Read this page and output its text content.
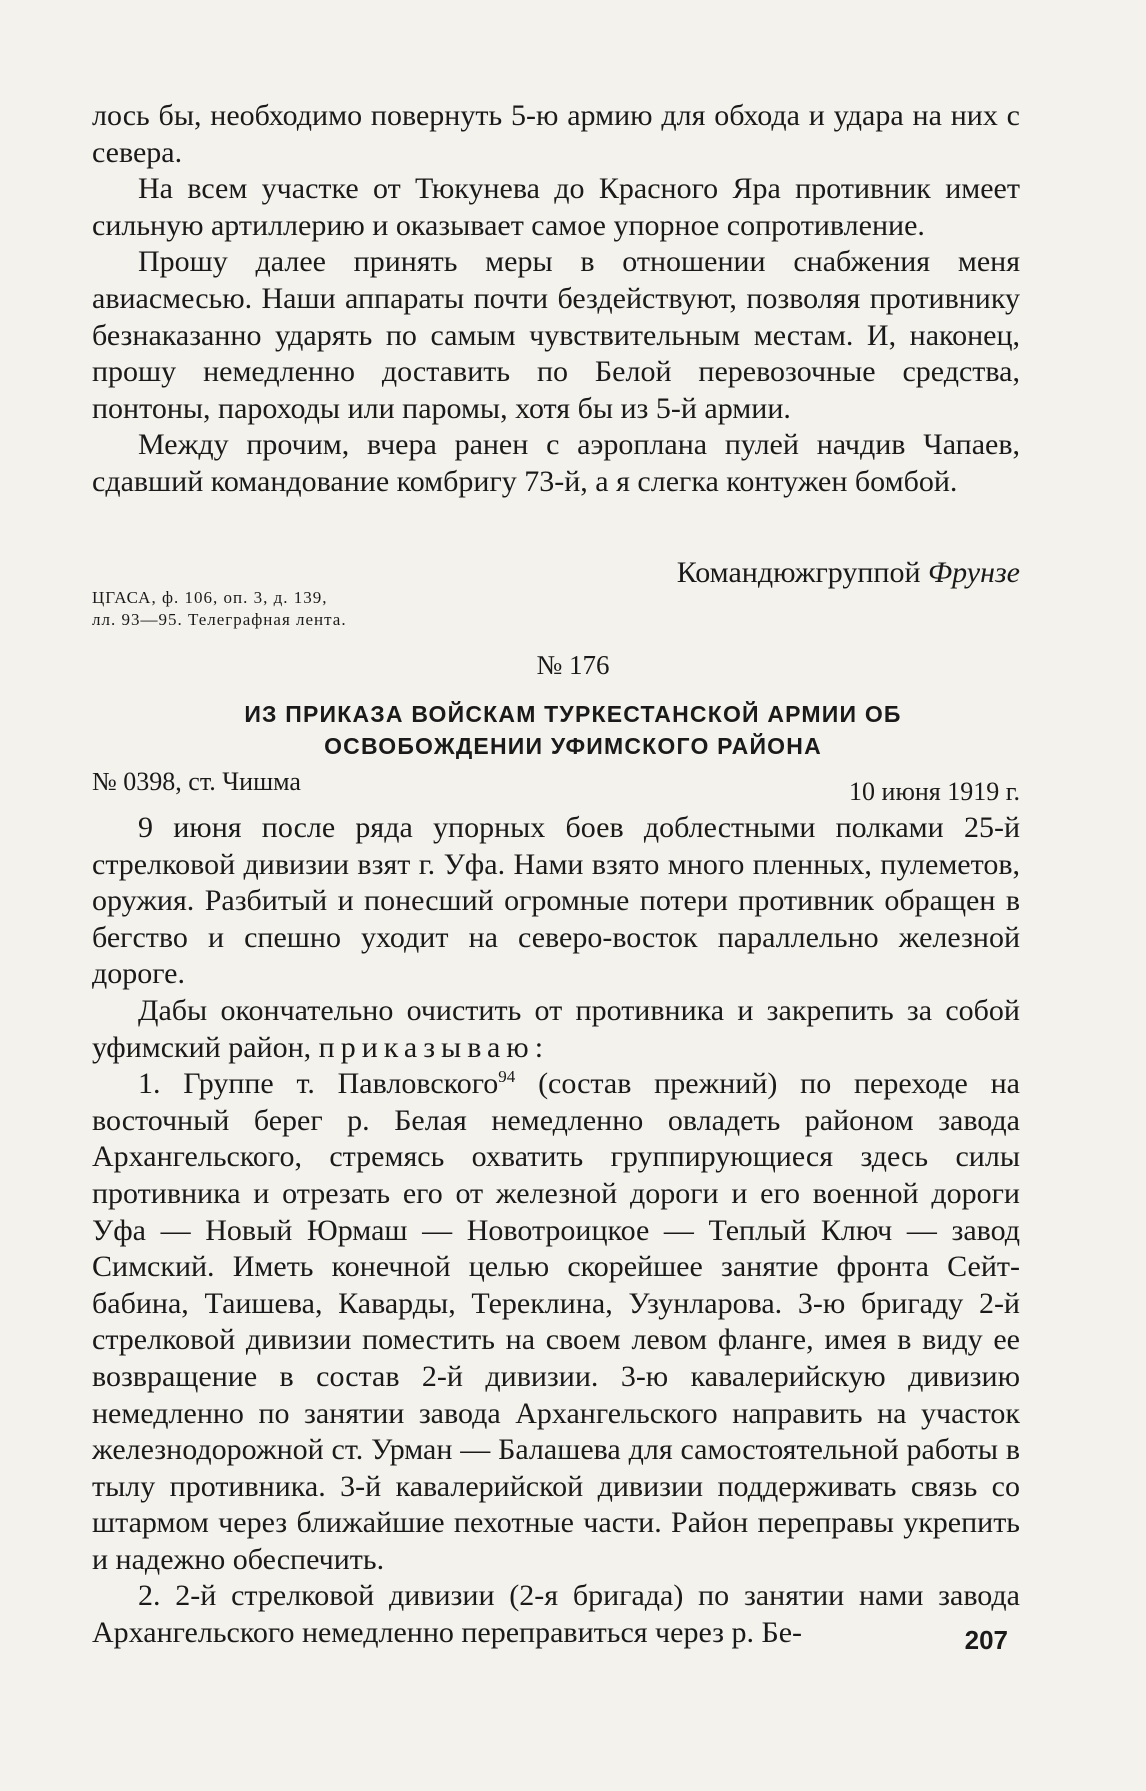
лось бы, необходимо повернуть 5-ю армию для обхода и удара на них с севера.

На всем участке от Тюкунева до Красного Яра противник имеет сильную артиллерию и оказывает самое упорное сопротивление.

Прошу далее принять меры в отношении снабжения меня авиасмесью. Наши аппараты почти бездействуют, позволяя противнику безнаказанно ударять по самым чувствительным местам. И, наконец, прошу немедленно доставить по Белой перевозочные средства, понтоны, пароходы или паромы, хотя бы из 5-й армии.

Между прочим, вчера ранен с аэроплана пулей начдив Чапаев, сдавший командование комбригу 73-й, а я слегка контужен бомбой.

Командюжгруппой Фрунзе
ЦГАСА, ф. 106, оп. 3, д. 139,
лл. 93—95. Телеграфная лента.
№ 176
ИЗ ПРИКАЗА ВОЙСКАМ ТУРКЕСТАНСКОЙ АРМИИ ОБ
ОСВОБОЖДЕНИИ УФИМСКОГО РАЙОНА
№ 0398, ст. Чишма	10 июня 1919 г.

9 июня после ряда упорных боев доблестными полками 25-й стрелковой дивизии взят г. Уфа. Нами взято много пленных, пулеметов, оружия. Разбитый и понесший огромные потери противник обращен в бегство и спешно уходит на северо-восток параллельно железной дороге.

Дабы окончательно очистить от противника и закрепить за собой уфимский район, приказываю:

1. Группе т. Павловского$^{94}$ (состав прежний) по переходе на восточный берег р. Белая немедленно овладеть районом завода Архангельского, стремясь охватить группирующиеся здесь силы противника и отрезать его от железной дороги и его военной дороги Уфа — Новый Юрмаш — Новотроицкое — Теплый Ключ — завод Симский. Иметь конечной целью скорейшее занятие фронта Сейт-бабина, Таишева, Каварды, Тереклина, Узунларова. 3-ю бригаду 2-й стрелковой дивизии поместить на своем левом фланге, имея в виду ее возвращение в состав 2-й дивизии. 3-ю кавалерийскую дивизию немедленно по занятии завода Архангельского направить на участок железнодорожной ст. Урман — Балашева для самостоятельной работы в тылу противника. 3-й кавалерийской дивизии поддерживать связь со штармом через ближайшие пехотные части. Район переправы укрепить и надежно обеспечить.

2. 2-й стрелковой дивизии (2-я бригада) по занятии нами завода Архангельского немедленно переправиться через р. Бе-	207
